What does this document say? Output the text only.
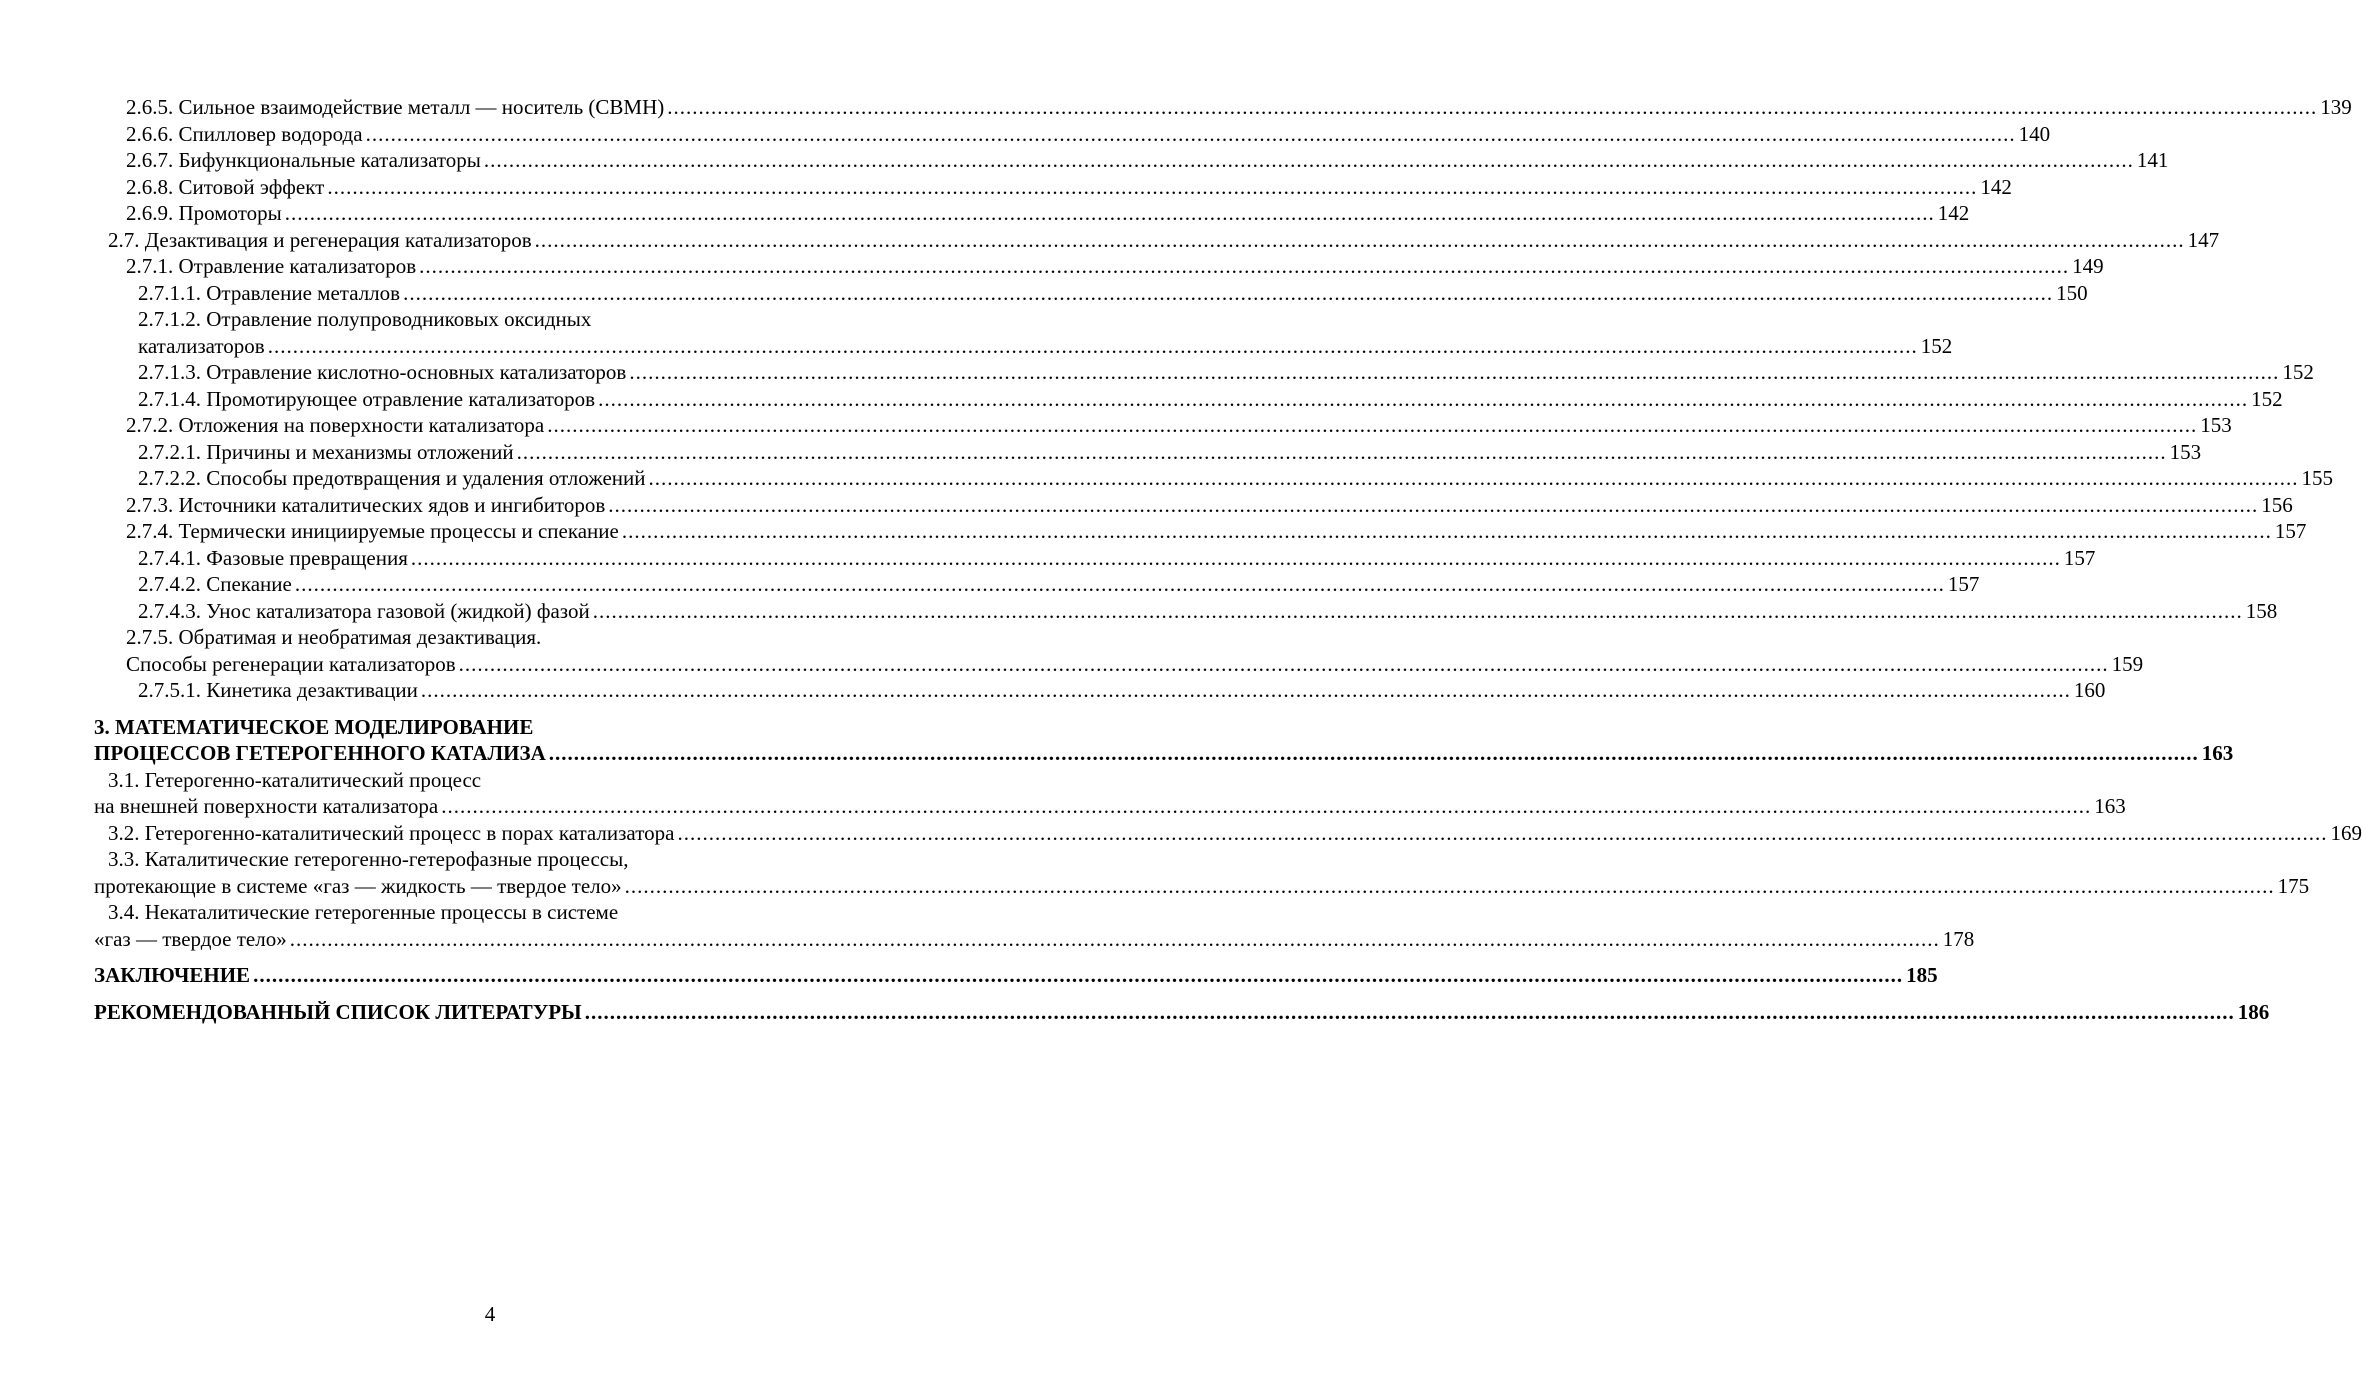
2.6.5. Сильное взаимодействие металл — носитель (СВМН) .....	139
2.6.6. Спилловер водорода .....	140
2.6.7. Бифункциональные катализаторы .....	141
2.6.8. Ситовой эффект .....	142
2.6.9. Промоторы .....	142
2.7. Дезактивация и регенерация катализаторов .....	147
2.7.1. Отравление катализаторов .....	149
2.7.1.1. Отравление металлов .....	150
2.7.1.2. Отравление полупроводниковых оксидных
катализаторов .....	152
2.7.1.3. Отравление кислотно-основных катализаторов .....	152
2.7.1.4. Промотирующее отравление катализаторов .....	152
2.7.2. Отложения на поверхности катализатора .....	153
2.7.2.1. Причины и механизмы отложений .....	153
2.7.2.2. Способы предотвращения и удаления отложений .....	155
2.7.3. Источники каталитических ядов и ингибиторов .....	156
2.7.4. Термически инициируемые процессы и спекание .....	157
2.7.4.1. Фазовые превращения .....	157
2.7.4.2. Спекание .....	157
2.7.4.3. Унос катализатора газовой (жидкой) фазой .....	158
2.7.5. Обратимая и необратимая дезактивация.
Способы регенерации катализаторов .....	159
2.7.5.1. Кинетика дезактивации .....	160
3. МАТЕМАТИЧЕСКОЕ МОДЕЛИРОВАНИЕ
ПРОЦЕССОВ ГЕТЕРОГЕННОГО КАТАЛИЗА .....	163
3.1. Гетерогенно-каталитический процесс
на внешней поверхности катализатора .....	163
3.2. Гетерогенно-каталитический процесс в порах катализатора .....	169
3.3. Каталитические гетерогенно-гетерофазные процессы,
протекающие в системе «газ — жидкость — твердое тело» .....	175
3.4. Некаталитические гетерогенные процессы в системе
«газ — твердое тело» .....	178
ЗАКЛЮЧЕНИЕ .....	185
РЕКОМЕНДОВАННЫЙ СПИСОК ЛИТЕРАТУРЫ .....	186
4
